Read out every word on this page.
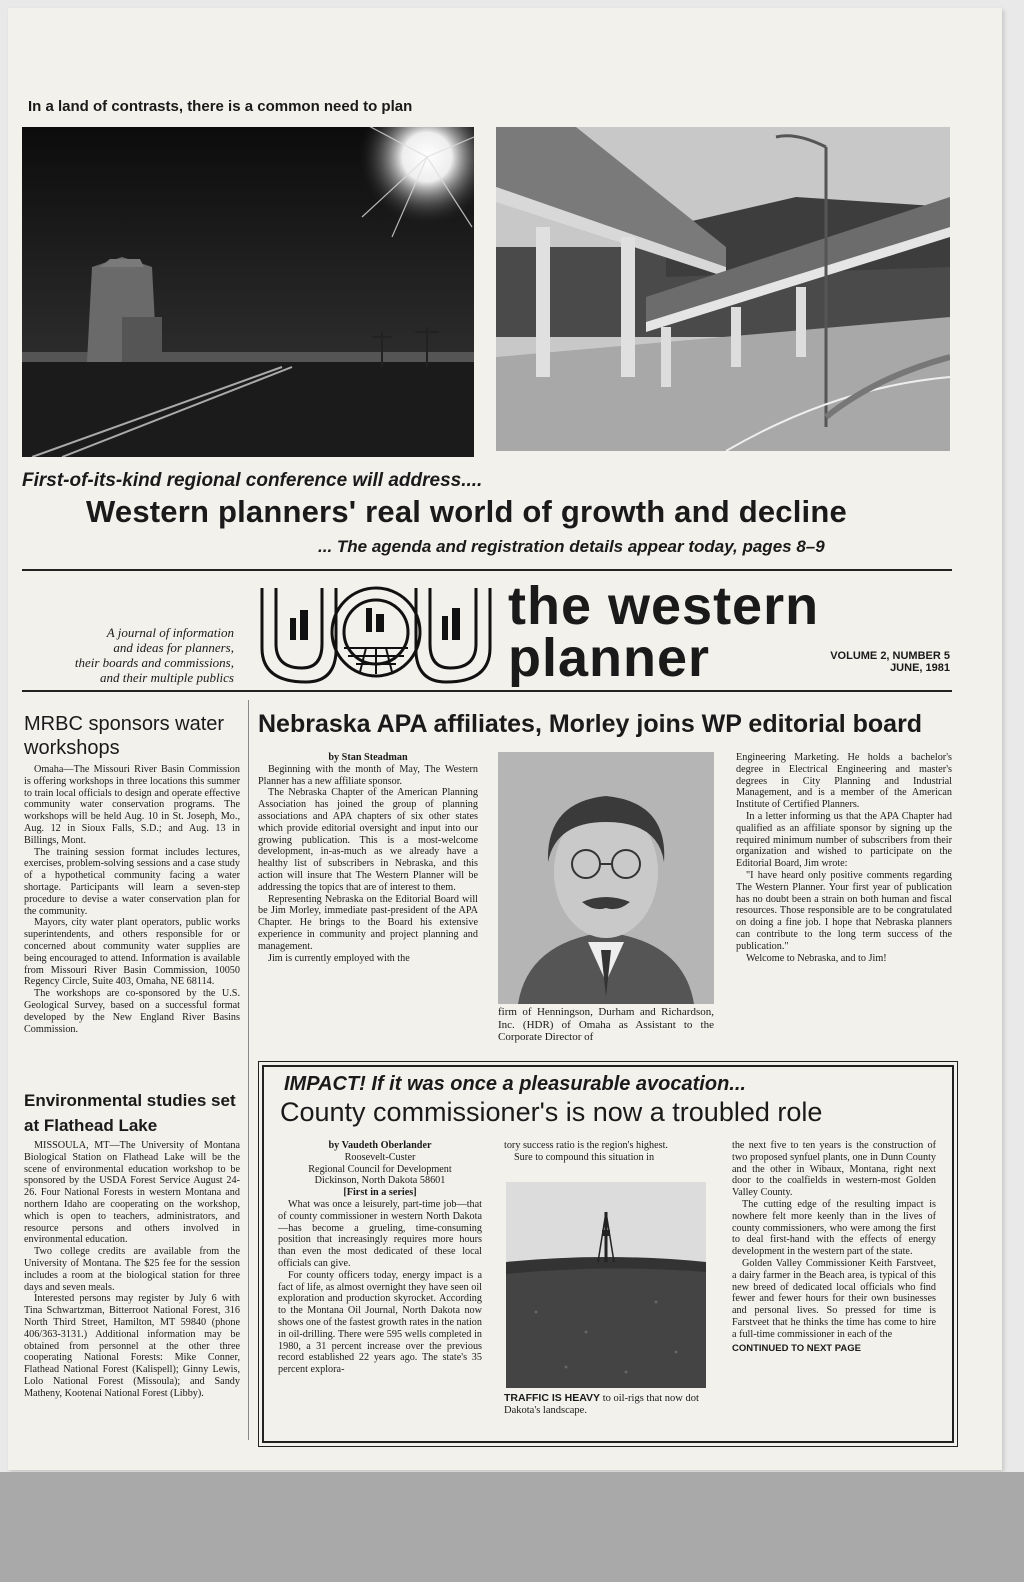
In a land of contrasts, there is a common need to plan
First-of-its-kind regional conference will address....
Western planners' real world of growth and decline
... The agenda and registration details appear today, pages 8–9
A journal of information
and ideas for planners,
their boards and commissions,
and their multiple publics
the western
planner	VOLUME 2, NUMBER 5
JUNE, 1981
MRBC sponsors water workshops

Omaha—The Missouri River Basin Commission is offering workshops in three locations this summer to train local officials to design and operate effective community water conservation programs. The workshops will be held Aug. 10 in St. Joseph, Mo., Aug. 12 in Sioux Falls, S.D.; and Aug. 13 in Billings, Mont.

The training session format includes lectures, exercises, problem-solving sessions and a case study of a hypothetical community facing a water shortage. Participants will learn a seven-step procedure to devise a water conservation plan for the community.

Mayors, city water plant operators, public works superintendents, and others responsible for or concerned about community water supplies are being encouraged to attend. Information is available from Missouri River Basin Commission, 10050 Regency Circle, Suite 403, Omaha, NE 68114.

The workshops are co-sponsored by the U.S. Geological Survey, based on a successful format developed by the New England River Basins Commission.

Environmental studies set at Flathead Lake

MISSOULA, MT—The University of Montana Biological Station on Flathead Lake will be the scene of environmental education workshop to be sponsored by the USDA Forest Service August 24-26. Four National Forests in western Montana and northern Idaho are cooperating on the workshop, which is open to teachers, administrators, and resource persons and others involved in environmental education.

Two college credits are available from the University of Montana. The $25 fee for the session includes a room at the biological station for three days and seven meals.

Interested persons may register by July 6 with Tina Schwartzman, Bitterroot National Forest, 316 North Third Street, Hamilton, MT 59840 (phone 406/363-3131.) Additional information may be obtained from personnel at the other three cooperating National Forests: Mike Conner, Flathead National Forest (Kalispell); Ginny Lewis, Lolo National Forest (Missoula); and Sandy Matheny, Kootenai National Forest (Libby).

Nebraska APA affiliates, Morley joins WP editorial board
by Stan Steadman

Beginning with the month of May, The Western Planner has a new affiliate sponsor.

The Nebraska Chapter of the American Planning Association has joined the group of planning associations and APA chapters of six other states which provide editorial oversight and input into our growing publication. This is a most-welcome development, in-as-much as we already have a healthy list of subscribers in Nebraska, and this action will insure that The Western Planner will be addressing the topics that are of interest to them.

Representing Nebraska on the Editorial Board will be Jim Morley, immediate past-president of the APA Chapter. He brings to the Board his extensive experience in community and project planning and management.

Jim is currently employed with the

firm of Henningson, Durham and Richardson, Inc. (HDR) of Omaha as Assistant to the Corporate Director of

Engineering Marketing. He holds a bachelor's degree in Electrical Engineering and master's degrees in City Planning and Industrial Management, and is a member of the American Institute of Certified Planners.

In a letter informing us that the APA Chapter had qualified as an affiliate sponsor by signing up the required minimum number of subscribers from their organization and wished to participate on the Editorial Board, Jim wrote:

"I have heard only positive comments regarding The Western Planner. Your first year of publication has no doubt been a strain on both human and fiscal resources. Those responsible are to be congratulated on doing a fine job. I hope that Nebraska planners can contribute to the long term success of the publication."

Welcome to Nebraska, and to Jim!

IMPACT! If it was once a pleasurable avocation...
County commissioner's is now a troubled role
by Vaudeth Oberlander
Roosevelt-Custer
Regional Council for Development
Dickinson, North Dakota 58601
[First in a series]

What was once a leisurely, part-time job—that of county commissioner in western North Dakota—has become a grueling, time-consuming position that increasingly requires more hours than even the most dedicated of these local officials can give.

For county officers today, energy impact is a fact of life, as almost overnight they have seen oil exploration and production skyrocket. According to the Montana Oil Journal, North Dakota now shows one of the fastest growth rates in the nation in oil-drilling. There were 595 wells completed in 1980, a 31 percent increase over the previous record established 22 years ago. The state's 35 percent explora-

tory success ratio is the region's highest.

Sure to compound this situation in

TRAFFIC IS HEAVY to oil-rigs that now dot Dakota's landscape.

the next five to ten years is the construction of two proposed synfuel plants, one in Dunn County and the other in Wibaux, Montana, right next door to the coalfields in western-most Golden Valley County.

The cutting edge of the resulting impact is nowhere felt more keenly than in the lives of county commissioners, who were among the first to deal first-hand with the effects of energy development in the western part of the state.

Golden Valley Commissioner Keith Farstveet, a dairy farmer in the Beach area, is typical of this new breed of dedicated local officials who find fewer and fewer hours for their own businesses and personal lives. So pressed for time is Farstveet that he thinks the time has come to hire a full-time commissioner in each of the

CONTINUED TO NEXT PAGE
